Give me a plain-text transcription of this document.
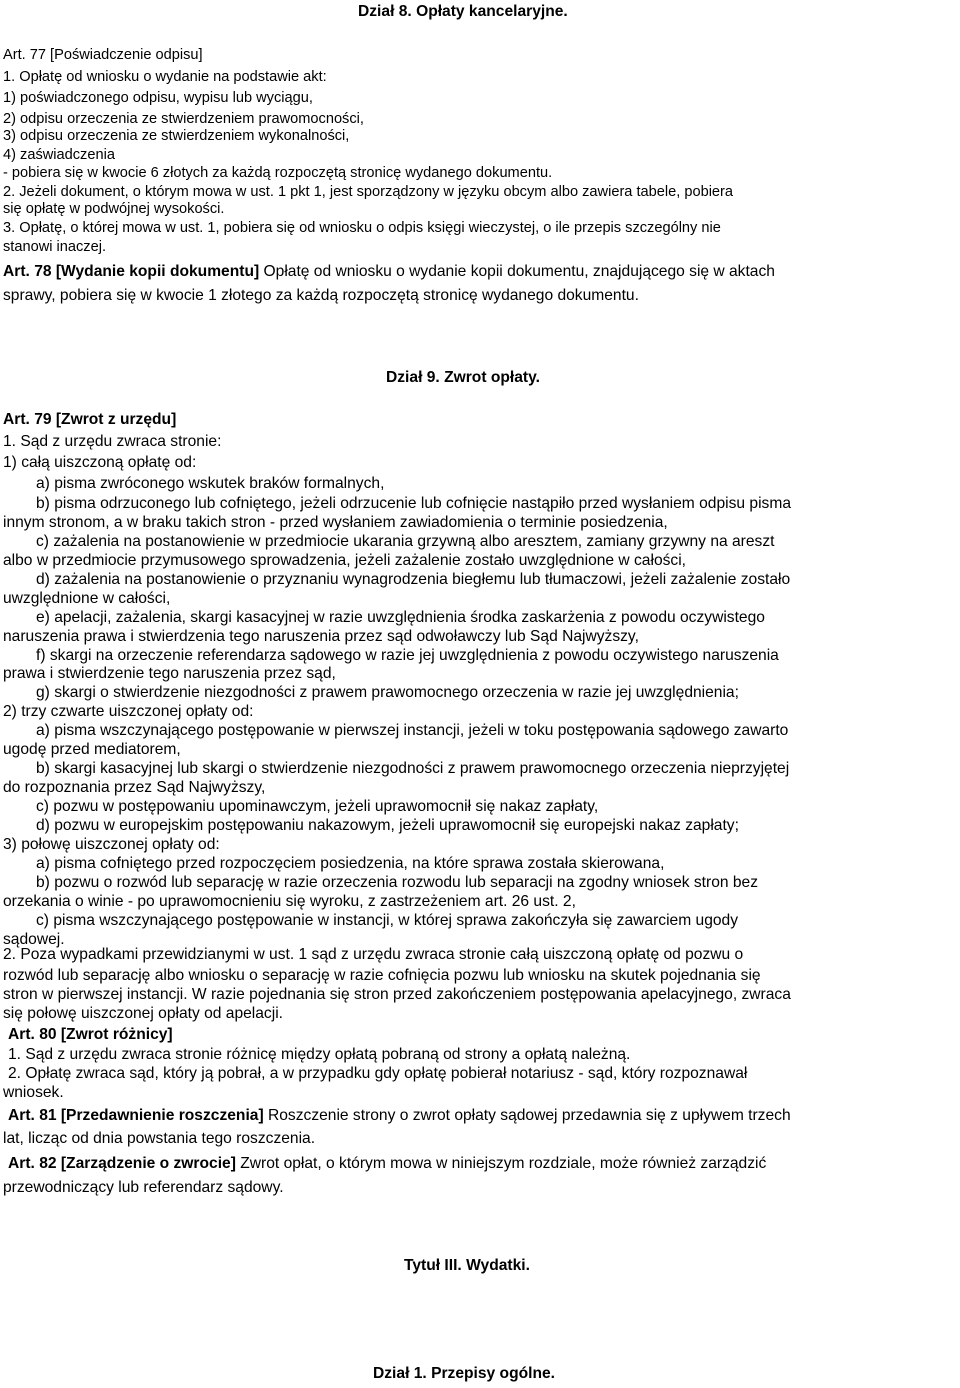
Dział 8. Opłaty kancelaryjne.
Art. 77 [Poświadczenie odpisu]
1. Opłatę od wniosku o wydanie na podstawie akt:
1) poświadczonego odpisu, wypisu lub wyciągu,
2) odpisu orzeczenia ze stwierdzeniem prawomocności,
3) odpisu orzeczenia ze stwierdzeniem wykonalności,
4) zaświadczenia
- pobiera się w kwocie 6 złotych za każdą rozpoczętą stronicę wydanego dokumentu.
2. Jeżeli dokument, o którym mowa w ust. 1 pkt 1, jest sporządzony w języku obcym albo zawiera tabele, pobiera
się opłatę w podwójnej wysokości.
3. Opłatę, o której mowa w ust. 1, pobiera się od wniosku o odpis księgi wieczystej, o ile przepis szczególny nie
stanowi inaczej.
Art. 78 [Wydanie kopii dokumentu] Opłatę od wniosku o wydanie kopii dokumentu, znajdującego się w aktach
sprawy, pobiera się w kwocie 1 złotego za każdą rozpoczętą stronicę wydanego dokumentu.
Dział 9. Zwrot opłaty.
Art. 79 [Zwrot z urzędu]
1. Sąd z urzędu zwraca stronie:
1) całą uiszczoną opłatę od:
a) pisma zwróconego wskutek braków formalnych,
b) pisma odrzuconego lub cofniętego, jeżeli odrzucenie lub cofnięcie nastąpiło przed wysłaniem odpisu pisma
innym stronom, a w braku takich stron - przed wysłaniem zawiadomienia o terminie posiedzenia,
c) zażalenia na postanowienie w przedmiocie ukarania grzywną albo aresztem, zamiany grzywny na areszt
albo w przedmiocie przymusowego sprowadzenia, jeżeli zażalenie zostało uwzględnione w całości,
d) zażalenia na postanowienie o przyznaniu wynagrodzenia biegłemu lub tłumaczowi, jeżeli zażalenie zostało
uwzględnione w całości,
e) apelacji, zażalenia, skargi kasacyjnej w razie uwzględnienia środka zaskarżenia z powodu oczywistego
naruszenia prawa i stwierdzenia tego naruszenia przez sąd odwoławczy lub Sąd Najwyższy,
f) skargi na orzeczenie referendarza sądowego w razie jej uwzględnienia z powodu oczywistego naruszenia
prawa i stwierdzenie tego naruszenia przez sąd,
g) skargi o stwierdzenie niezgodności z prawem prawomocnego orzeczenia w razie jej uwzględnienia;
2) trzy czwarte uiszczonej opłaty od:
a) pisma wszczynającego postępowanie w pierwszej instancji, jeżeli w toku postępowania sądowego zawarto
ugodę przed mediatorem,
b) skargi kasacyjnej lub skargi o stwierdzenie niezgodności z prawem prawomocnego orzeczenia nieprzyjętej
do rozpoznania przez Sąd Najwyższy,
c) pozwu w postępowaniu upominawczym, jeżeli uprawomocnił się nakaz zapłaty,
d) pozwu w europejskim postępowaniu nakazowym, jeżeli uprawomocnił się europejski nakaz zapłaty;
3) połowę uiszczonej opłaty od:
a) pisma cofniętego przed rozpoczęciem posiedzenia, na które sprawa została skierowana,
b) pozwu o rozwód lub separację w razie orzeczenia rozwodu lub separacji na zgodny wniosek stron bez
orzekania o winie - po uprawomocnieniu się wyroku, z zastrzeżeniem art. 26 ust. 2,
c) pisma wszczynającego postępowanie w instancji, w której sprawa zakończyła się zawarciem ugody
sądowej.
2. Poza wypadkami przewidzianymi w ust. 1 sąd z urzędu zwraca stronie całą uiszczoną opłatę od pozwu o
rozwód lub separację albo wniosku o separację w razie cofnięcia pozwu lub wniosku na skutek pojednania się
stron w pierwszej instancji. W razie pojednania się stron przed zakończeniem postępowania apelacyjnego, zwraca
się połowę uiszczonej opłaty od apelacji.
Art. 80 [Zwrot różnicy]
1. Sąd z urzędu zwraca stronie różnicę między opłatą pobraną od strony a opłatą należną.
2. Opłatę zwraca sąd, który ją pobrał, a w przypadku gdy opłatę pobierał notariusz - sąd, który rozpoznawał
wniosek.
Art. 81 [Przedawnienie roszczenia] Roszczenie strony o zwrot opłaty sądowej przedawnia się z upływem trzech
lat, licząc od dnia powstania tego roszczenia.
Art. 82 [Zarządzenie o zwrocie] Zwrot opłat, o którym mowa w niniejszym rozdziale, może również zarządzić
przewodniczący lub referendarz sądowy.
Tytuł III. Wydatki.
Dział 1. Przepisy ogólne.
